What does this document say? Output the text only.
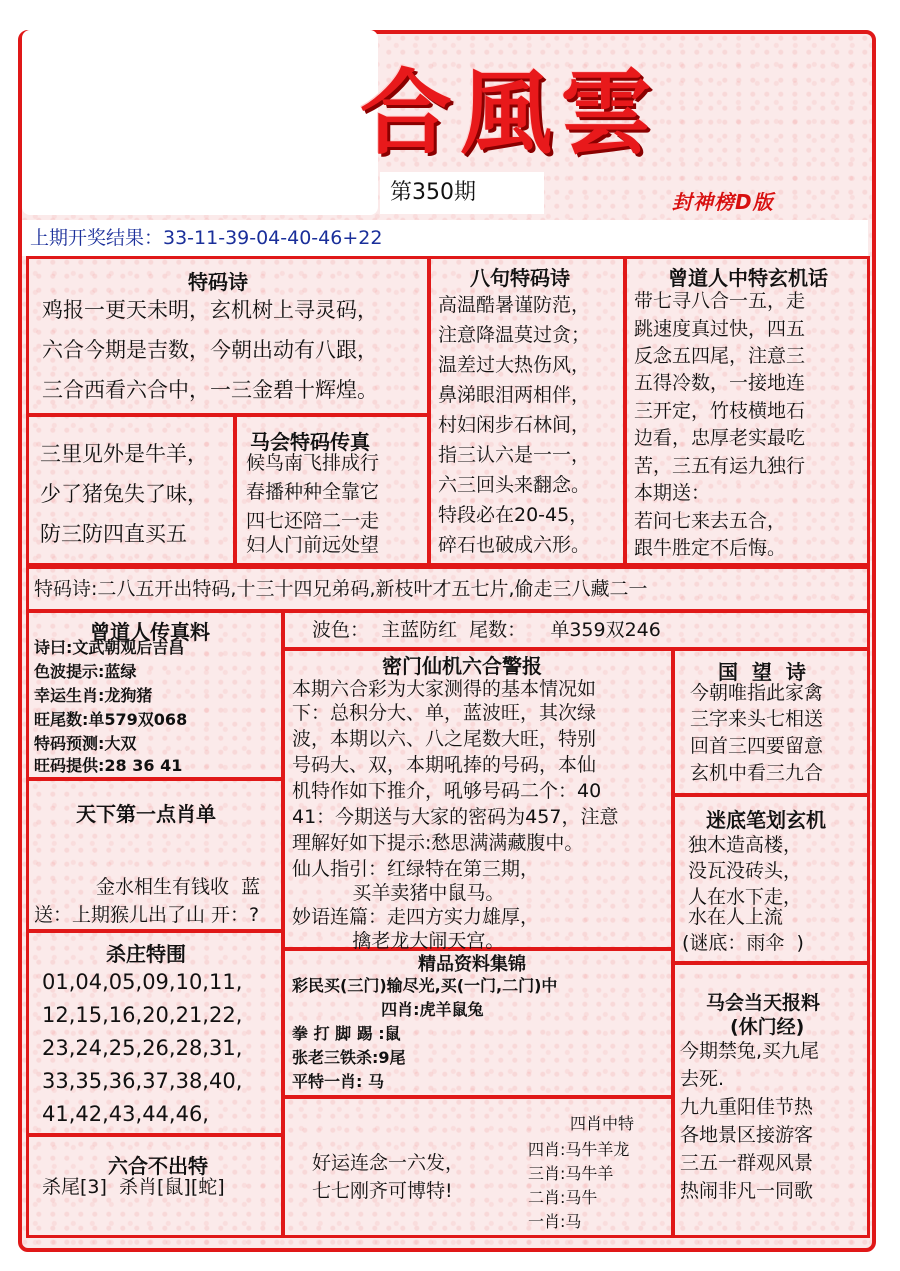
合風雲
封神榜D版
第350期
上期开奖结果：33-11-39-04-40-46+22
特码诗
鸡报一更天未明，玄机树上寻灵码，
六合今期是吉数，今朝出动有八跟，
三合西看六合中，一三金碧十辉煌。
三里见外是牛羊，
少了猪兔失了味，
防三防四直买五
马会特码传真
候鸟南飞排成行
春播种种全靠它
四七还陪二一走
妇人门前远处望
八句特码诗
高温酷暑谨防范，
注意降温莫过贪；
温差过大热伤风，
鼻涕眼泪两相伴，
村妇闲步石林间，
指三认六是一一，
六三回头来翻念。
特段必在20-45，
碎石也破成六形。
曾道人中特玄机话
带七寻八合一五，走
跳速度真过快，四五
反念五四尾，注意三
五得冷数，一接地连
三开定，竹枝横地石
边看，忠厚老实最吃
苦，三五有运九独行
本期送：
若问七来去五合，
跟牛胜定不后悔。
特码诗:二八五开出特码,十三十四兄弟码,新枝叶才五七片,偷走三八藏二一
曾道人传真料
诗曰:文武朝观后吉昌
色波提示:蓝绿
幸运生肖:龙狗猪
旺尾数:单579双068
特码预测:大双
旺码提供:28 36 41
波色：  主蓝防红  尾数：    单359双246
天下第一点肖单
金水相生有钱收  蓝
送：上期猴儿出了山 开：?
杀庄特围
01,04,05,09,10,11,
12,15,16,20,21,22,
23,24,25,26,28,31,
33,35,36,37,38,40,
41,42,43,44,46,
六合不出特
杀尾[3]  杀肖[鼠][蛇]
密门仙机六合警报
本期六合彩为大家测得的基本情况如
下：总积分大、单，蓝波旺，其次绿
波，本期以六、八之尾数大旺，特别
号码大、双，本期吼捧的号码，本仙
机特作如下推介，吼够号码二个：40
41：今期送与大家的密码为457，注意
理解好如下提示:愁思满满藏腹中。
仙人指引：红绿特在第三期，
买羊卖猪中鼠马。
妙语连篇：走四方实力雄厚，
擒老龙大闹天宫。
国  望  诗
今朝唯指此家禽
三字来头七相送
回首三四要留意
玄机中看三九合
迷底笔划玄机
独木造高楼，
没瓦没砖头，
人在水下走，
水在人上流
(谜底：雨伞  )
精品资料集锦
彩民买(三门)输尽光,买(一门,二门)中
四肖:虎羊鼠兔
拳 打 脚 踢 :鼠
张老三铁杀:9尾
平特一肖: 马
马会当天报料
(休门经)
今期禁兔,买九尾
去死.
九九重阳佳节热
各地景区接游客
三五一群观风景
热闹非凡一同歌
好运连念一六发，
七七刚齐可博特!
四肖中特
四肖:马牛羊龙
三肖:马牛羊
二肖:马牛
一肖:马
